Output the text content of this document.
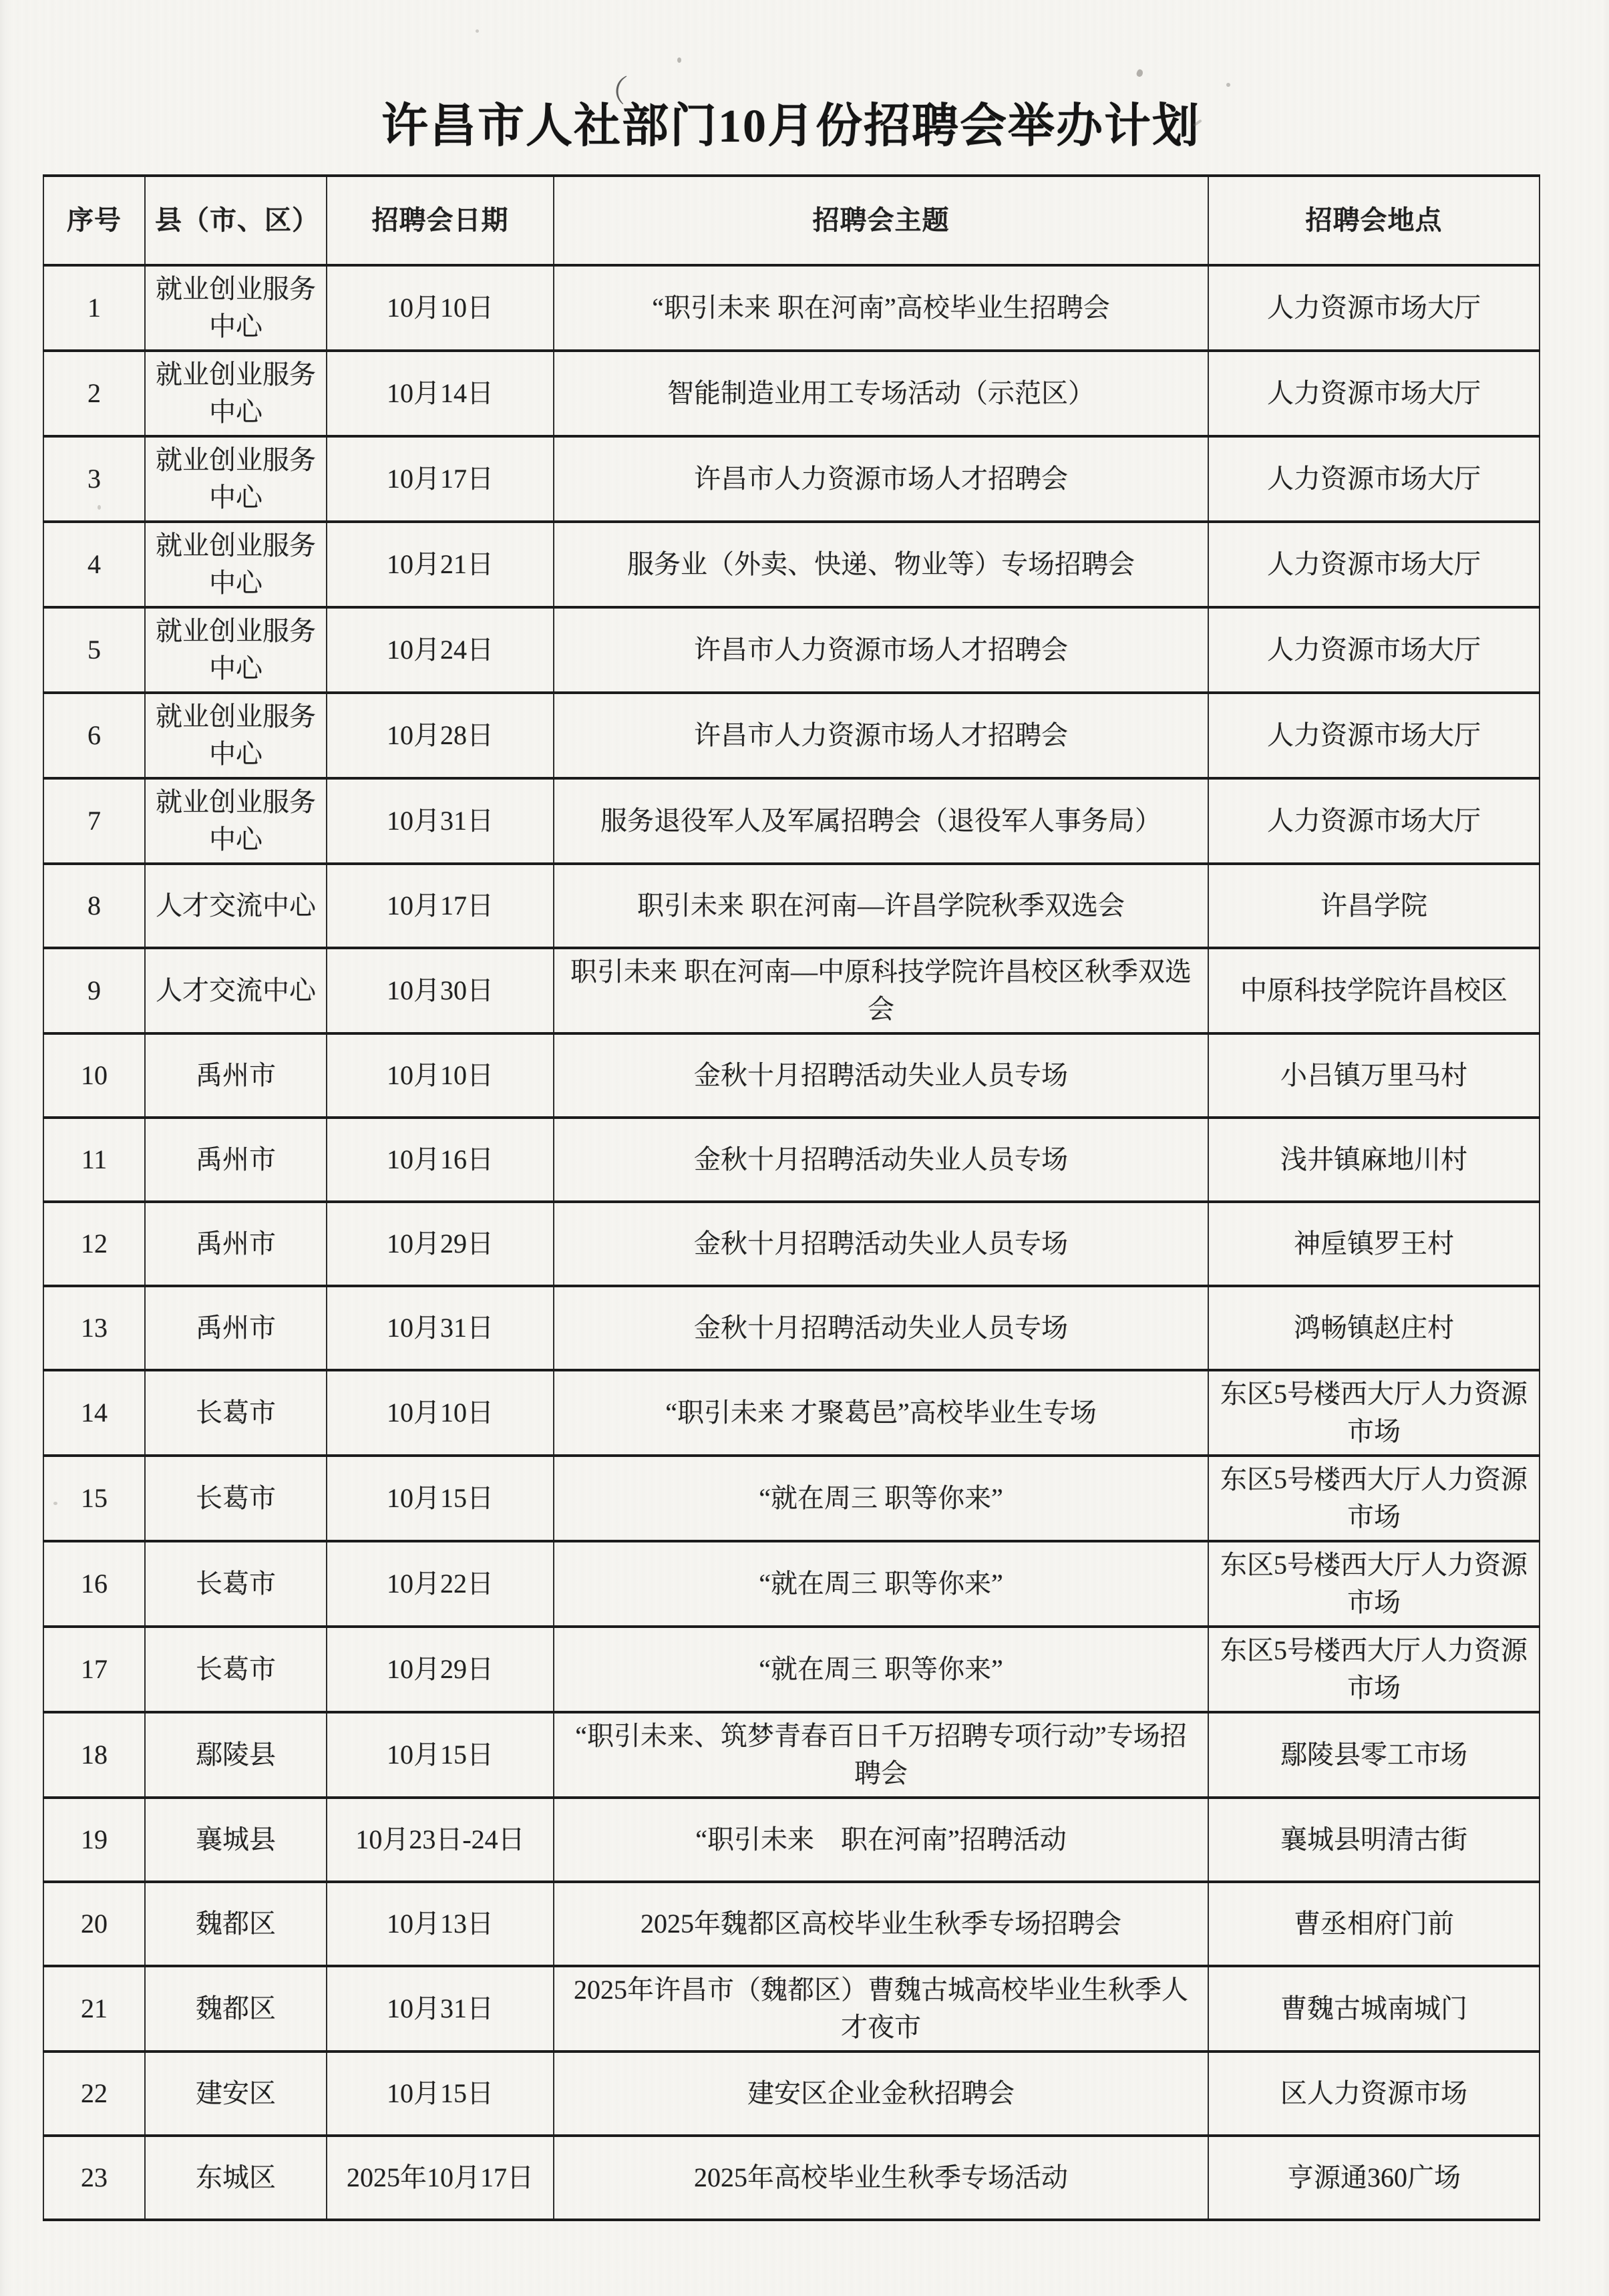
（
许昌市人社部门10月份招聘会举办计划
序号	县（市、区）	招聘会日期	招聘会主题	招聘会地点
1	就业创业服务中心	10月10日	“职引未来 职在河南”高校毕业生招聘会	人力资源市场大厅
2	就业创业服务中心	10月14日	智能制造业用工专场活动（示范区）	人力资源市场大厅
3	就业创业服务中心	10月17日	许昌市人力资源市场人才招聘会	人力资源市场大厅
4	就业创业服务中心	10月21日	服务业（外卖、快递、物业等）专场招聘会	人力资源市场大厅
5	就业创业服务中心	10月24日	许昌市人力资源市场人才招聘会	人力资源市场大厅
6	就业创业服务中心	10月28日	许昌市人力资源市场人才招聘会	人力资源市场大厅
7	就业创业服务中心	10月31日	服务退役军人及军属招聘会（退役军人事务局）	人力资源市场大厅
8	人才交流中心	10月17日	职引未来 职在河南—许昌学院秋季双选会	许昌学院
9	人才交流中心	10月30日	职引未来 职在河南—中原科技学院许昌校区秋季双选会	中原科技学院许昌校区
10	禹州市	10月10日	金秋十月招聘活动失业人员专场	小吕镇万里马村
11	禹州市	10月16日	金秋十月招聘活动失业人员专场	浅井镇麻地川村
12	禹州市	10月29日	金秋十月招聘活动失业人员专场	神垕镇罗王村
13	禹州市	10月31日	金秋十月招聘活动失业人员专场	鸿畅镇赵庄村
14	长葛市	10月10日	“职引未来 才聚葛邑”高校毕业生专场	东区5号楼西大厅人力资源市场
15	长葛市	10月15日	“就在周三 职等你来”	东区5号楼西大厅人力资源市场
16	长葛市	10月22日	“就在周三 职等你来”	东区5号楼西大厅人力资源市场
17	长葛市	10月29日	“就在周三 职等你来”	东区5号楼西大厅人力资源市场
18	鄢陵县	10月15日	“职引未来、筑梦青春百日千万招聘专项行动”专场招聘会	鄢陵县零工市场
19	襄城县	10月23日-24日	“职引未来　职在河南”招聘活动	襄城县明清古街
20	魏都区	10月13日	2025年魏都区高校毕业生秋季专场招聘会	曹丞相府门前
21	魏都区	10月31日	2025年许昌市（魏都区）曹魏古城高校毕业生秋季人才夜市	曹魏古城南城门
22	建安区	10月15日	建安区企业金秋招聘会	区人力资源市场
23	东城区	2025年10月17日	2025年高校毕业生秋季专场活动	亨源通360广场
